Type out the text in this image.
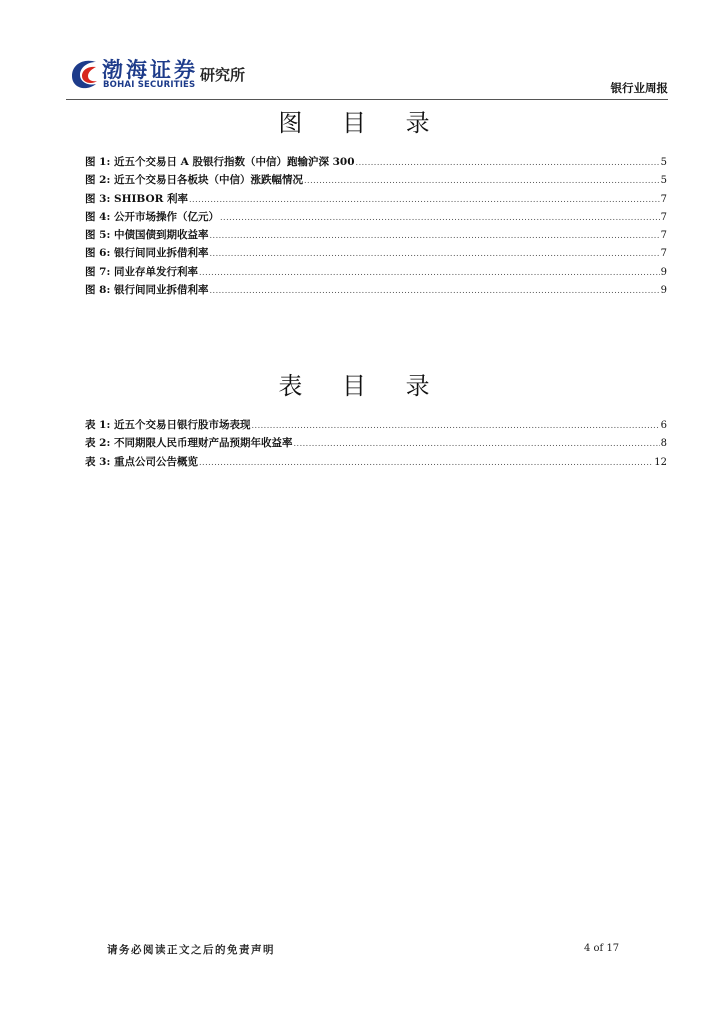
渤海证券
BOHAI SECURITIES
研究所
银行业周报
图 目 录
图 1: 近五个交易日 A 股银行指数（中信）跑输沪深 300 .....	5
图 2: 近五个交易日各板块（中信）涨跌幅情况 .....	5
图 3: SHIBOR 利率 .....	7
图 4: 公开市场操作（亿元） .....	7
图 5: 中债国债到期收益率 .....	7
图 6: 银行间同业拆借利率 .....	7
图 7: 同业存单发行利率 .....	9
图 8: 银行间同业拆借利率 .....	9
表 目 录
表 1: 近五个交易日银行股市场表现 .....	6
表 2: 不同期限人民币理财产品预期年收益率 .....	8
表 3: 重点公司公告概览 .....	12
请务必阅读正文之后的免责声明	4 of 17
